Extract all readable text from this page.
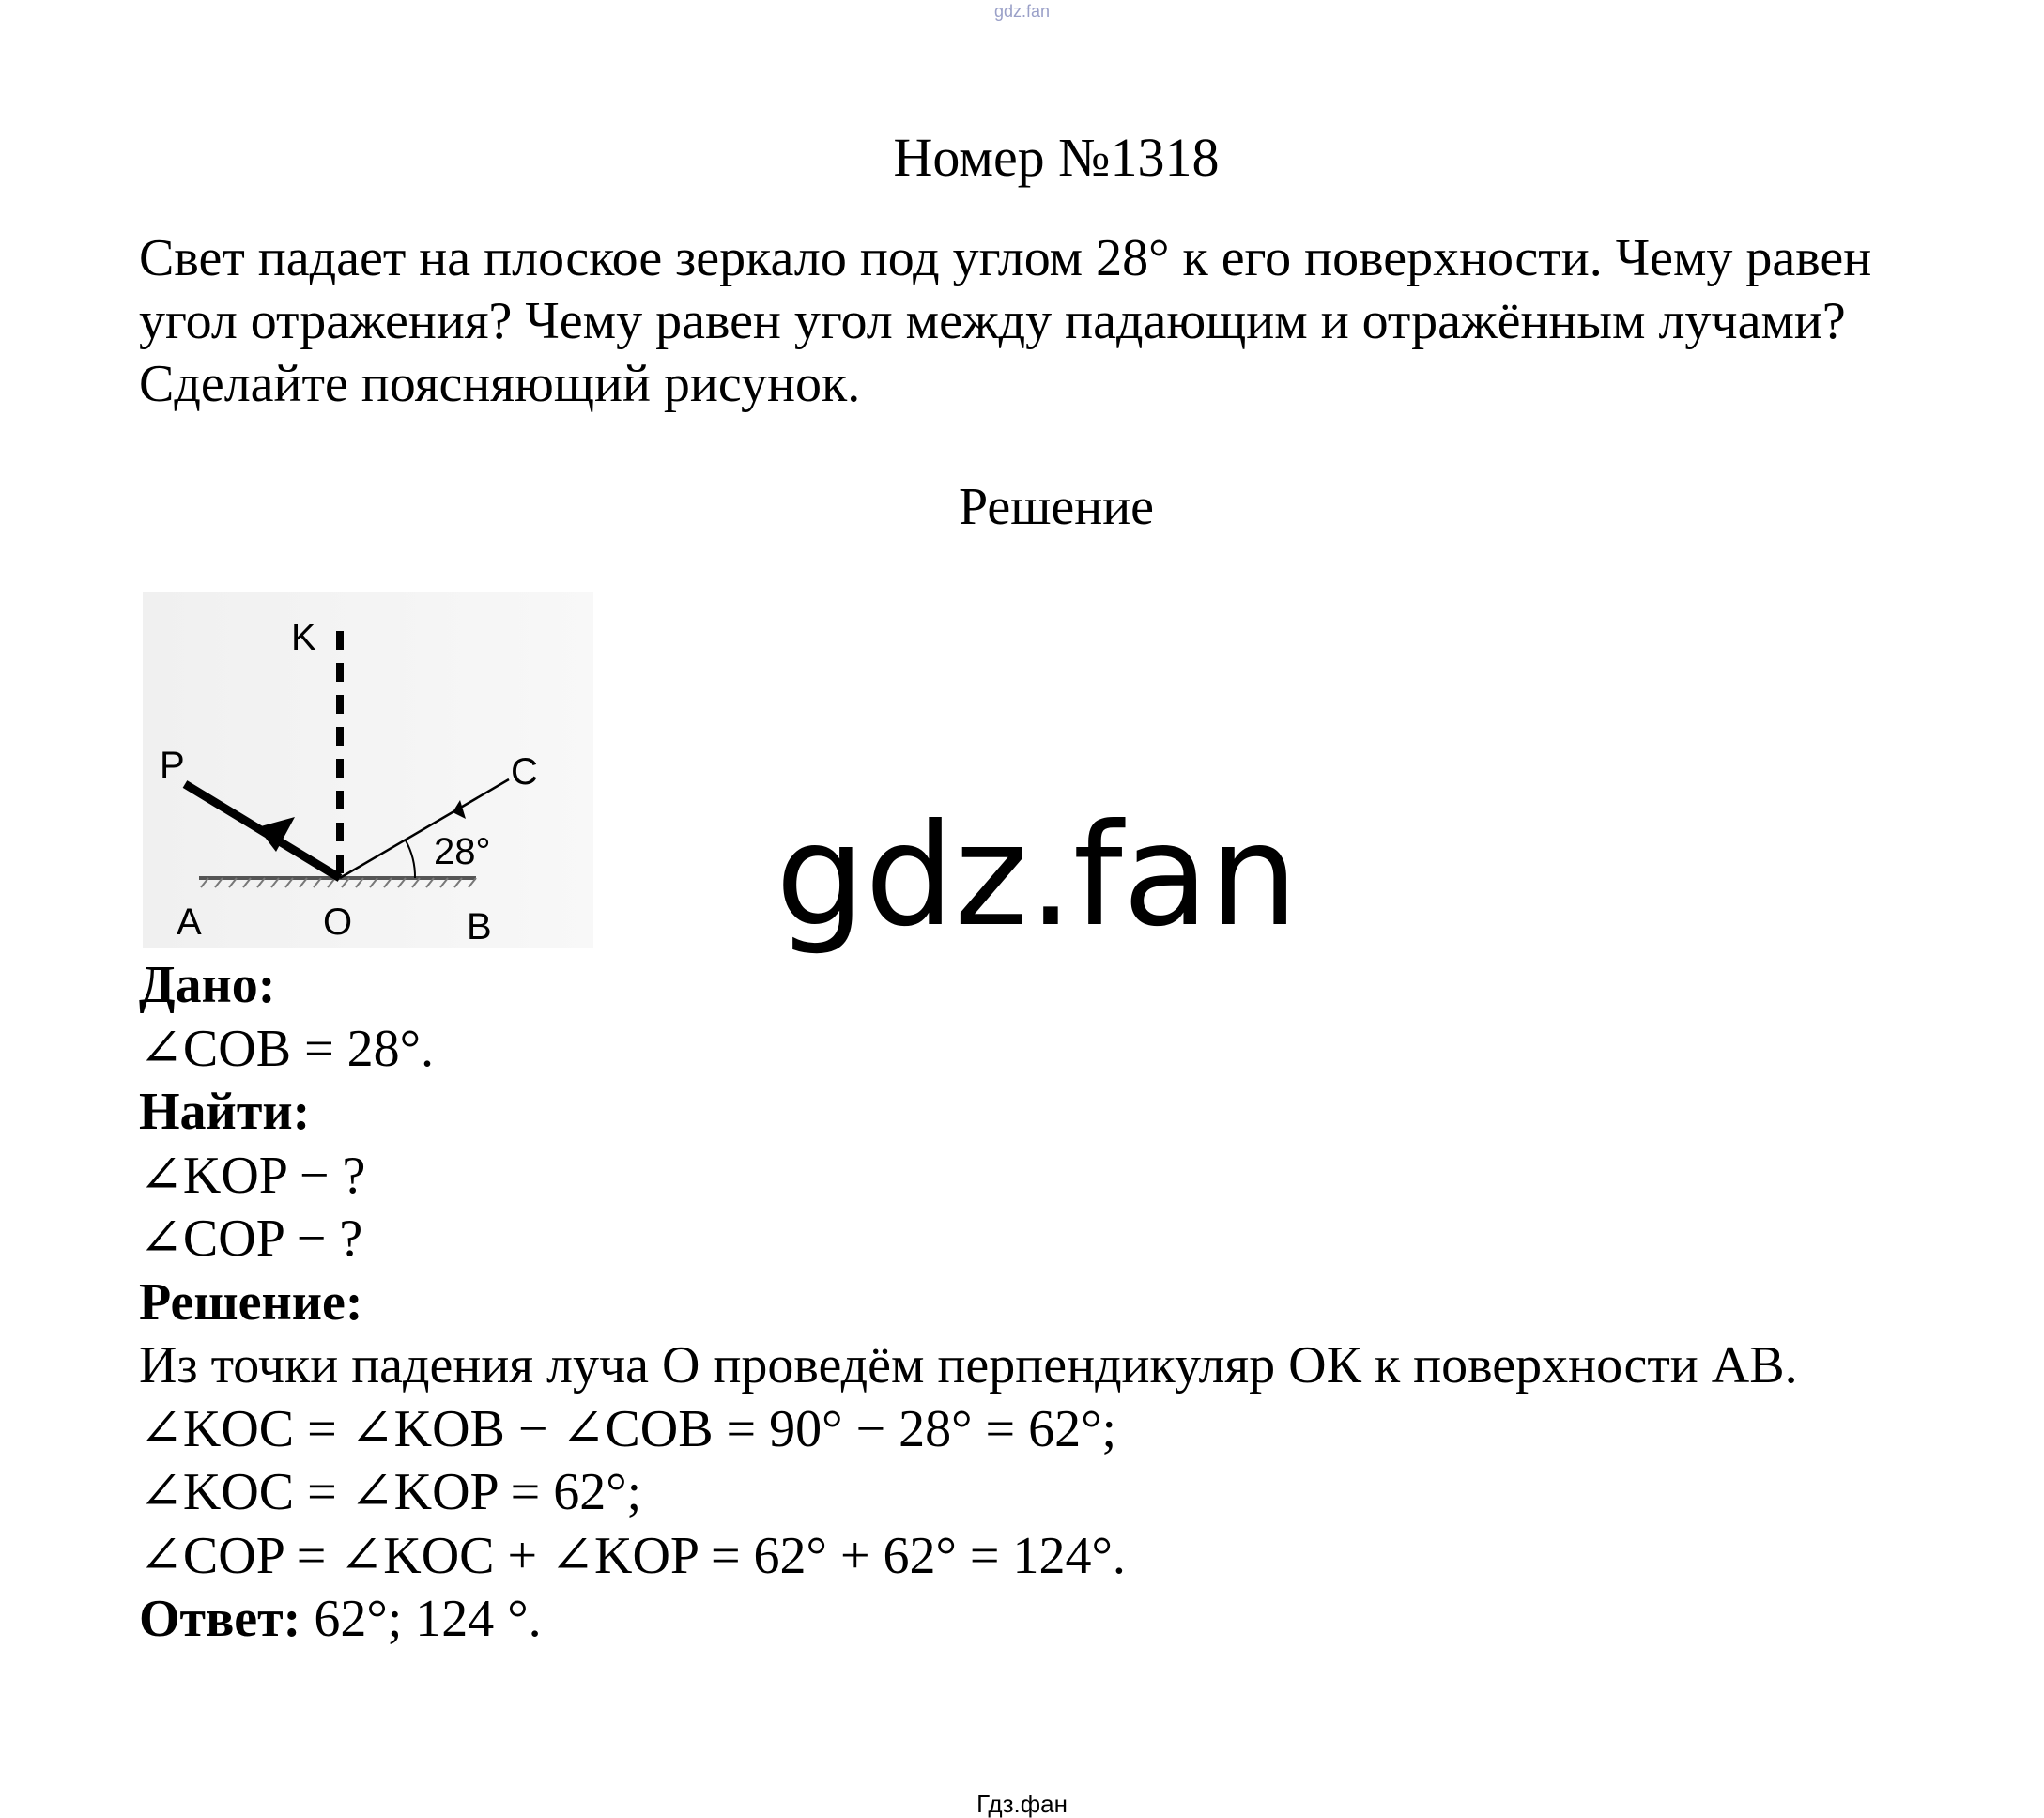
gdz.fan
Номер №1318
Свет падает на плоское зеркало под углом 28° к его поверхности. Чему равен угол отражения? Чему равен угол между падающим и отражённым лучами? Сделайте поясняющий рисунок.
Решение
K
P	C
28°
A	O	B gdz.fan
Дано:
∠COB = 28°.
Найти:
∠KOP − ?
∠COP − ?
Решение:
Из точки падения луча О проведём перпендикуляр ОК к поверхности АВ.
∠KOC = ∠KOB − ∠COB = 90° − 28° = 62°;
∠KOC = ∠KOP = 62°;
∠COP = ∠KOC + ∠KOP = 62° + 62° = 124°.
Ответ: 62°; 124 °.
Гдз.фан
